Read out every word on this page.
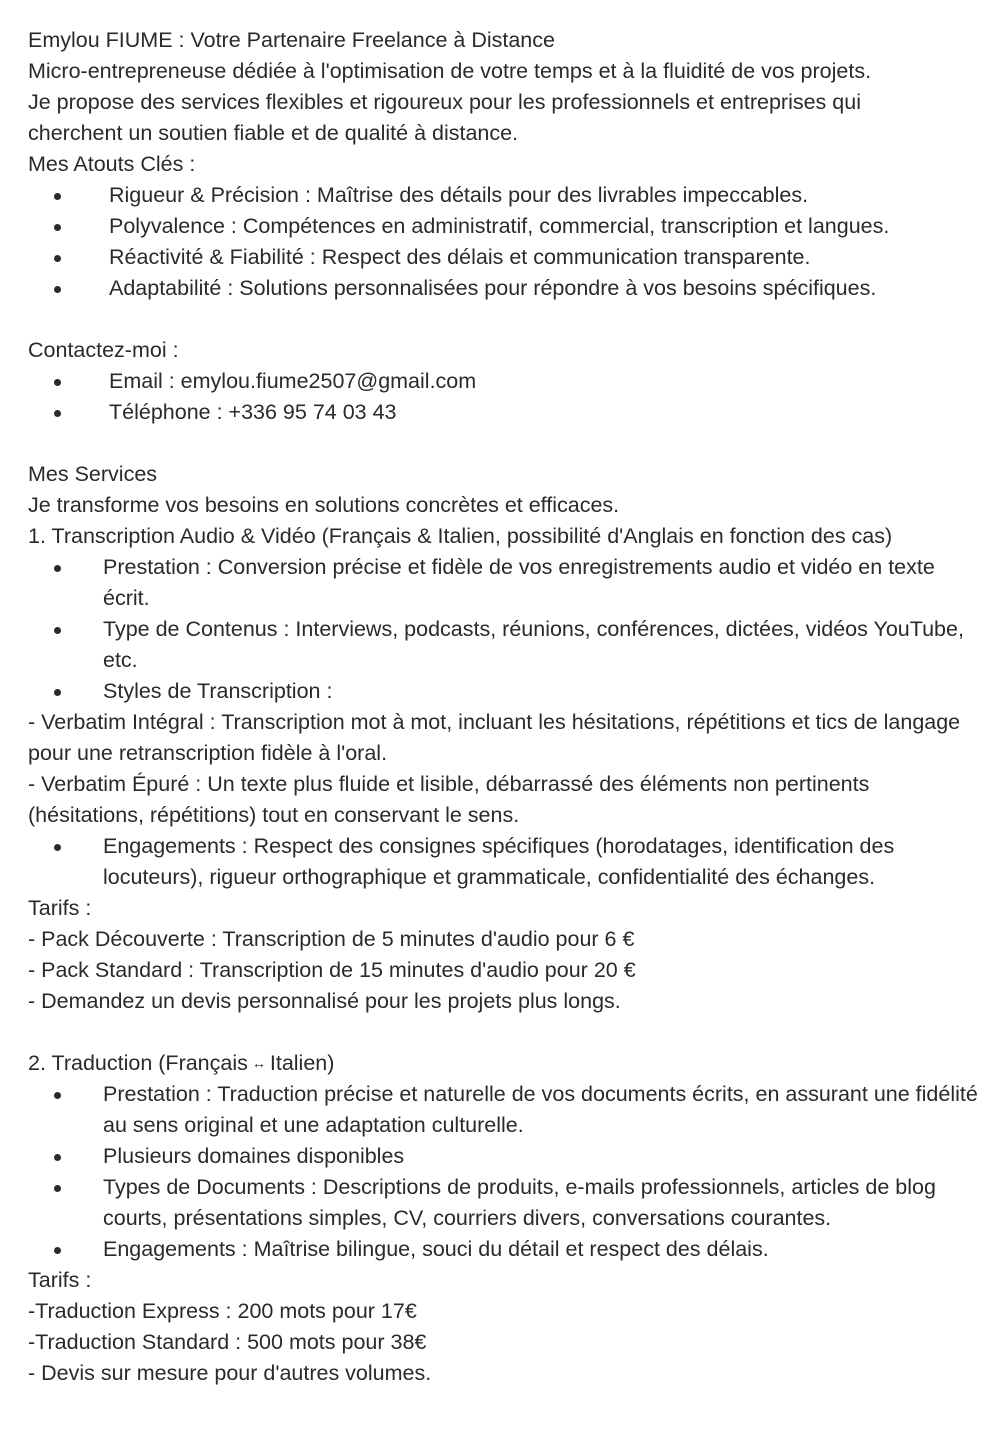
Emylou FIUME : Votre Partenaire Freelance à Distance
Micro-entrepreneuse dédiée à l'optimisation de votre temps et à la fluidité de vos projets.
Je propose des services flexibles et rigoureux pour les professionnels et entreprises qui
cherchent un soutien fiable et de qualité à distance.
Mes Atouts Clés :
Rigueur & Précision : Maîtrise des détails pour des livrables impeccables.
Polyvalence : Compétences en administratif, commercial, transcription et langues.
Réactivité & Fiabilité : Respect des délais et communication transparente.
Adaptabilité : Solutions personnalisées pour répondre à vos besoins spécifiques.
Contactez-moi :
Email : emylou.fiume2507@gmail.com
Téléphone : +336 95 74 03 43
Mes Services
Je transforme vos besoins en solutions concrètes et efficaces.
1. Transcription Audio & Vidéo (Français & Italien, possibilité d'Anglais en fonction des cas)
Prestation : Conversion précise et fidèle de vos enregistrements audio et vidéo en texte écrit.
Type de Contenus : Interviews, podcasts, réunions, conférences, dictées, vidéos YouTube, etc.
Styles de Transcription :
- Verbatim Intégral : Transcription mot à mot, incluant les hésitations, répétitions et tics de langage pour une retranscription fidèle à l'oral.
- Verbatim Épuré : Un texte plus fluide et lisible, débarrassé des éléments non pertinents (hésitations, répétitions) tout en conservant le sens.
Engagements : Respect des consignes spécifiques (horodatages, identification des locuteurs), rigueur orthographique et grammaticale, confidentialité des échanges.
Tarifs :
- Pack Découverte : Transcription de 5 minutes d'audio pour 6 €
- Pack Standard : Transcription de 15 minutes d'audio pour 20 €
- Demandez un devis personnalisé pour les projets plus longs.
2. Traduction (Français ↔ Italien)
Prestation : Traduction précise et naturelle de vos documents écrits, en assurant une fidélité au sens original et une adaptation culturelle.
Plusieurs domaines disponibles
Types de Documents : Descriptions de produits, e-mails professionnels, articles de blog courts, présentations simples, CV, courriers divers, conversations courantes.
Engagements : Maîtrise bilingue, souci du détail et respect des délais.
Tarifs :
-Traduction Express : 200 mots pour 17€
-Traduction Standard : 500 mots pour 38€
- Devis sur mesure pour d'autres volumes.
